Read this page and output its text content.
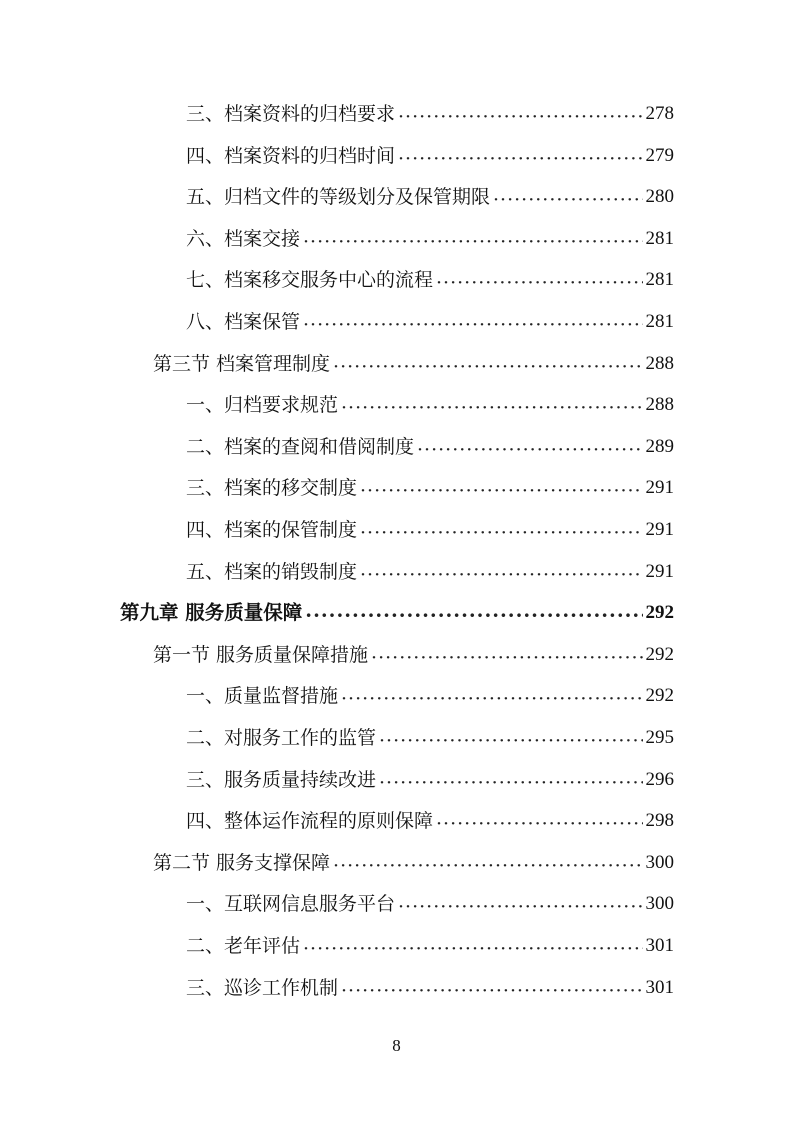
三、档案资料的归档要求 ·····	278
四、档案资料的归档时间 ·····	279
五、归档文件的等级划分及保管期限 ·····	280
六、档案交接 ·····	281
七、档案移交服务中心的流程 ·····	281
八、档案保管 ·····	281
第三节 档案管理制度 ·····	288
一、归档要求规范 ·····	288
二、档案的查阅和借阅制度 ·····	289
三、档案的移交制度 ·····	291
四、档案的保管制度 ·····	291
五、档案的销毁制度 ·····	291
第九章 服务质量保障 ·····	292
第一节 服务质量保障措施 ·····	292
一、质量监督措施 ·····	292
二、对服务工作的监管 ·····	295
三、服务质量持续改进 ·····	296
四、整体运作流程的原则保障 ·····	298
第二节 服务支撑保障 ·····	300
一、互联网信息服务平台 ·····	300
二、老年评估 ·····	301
三、巡诊工作机制 ·····	301
8
